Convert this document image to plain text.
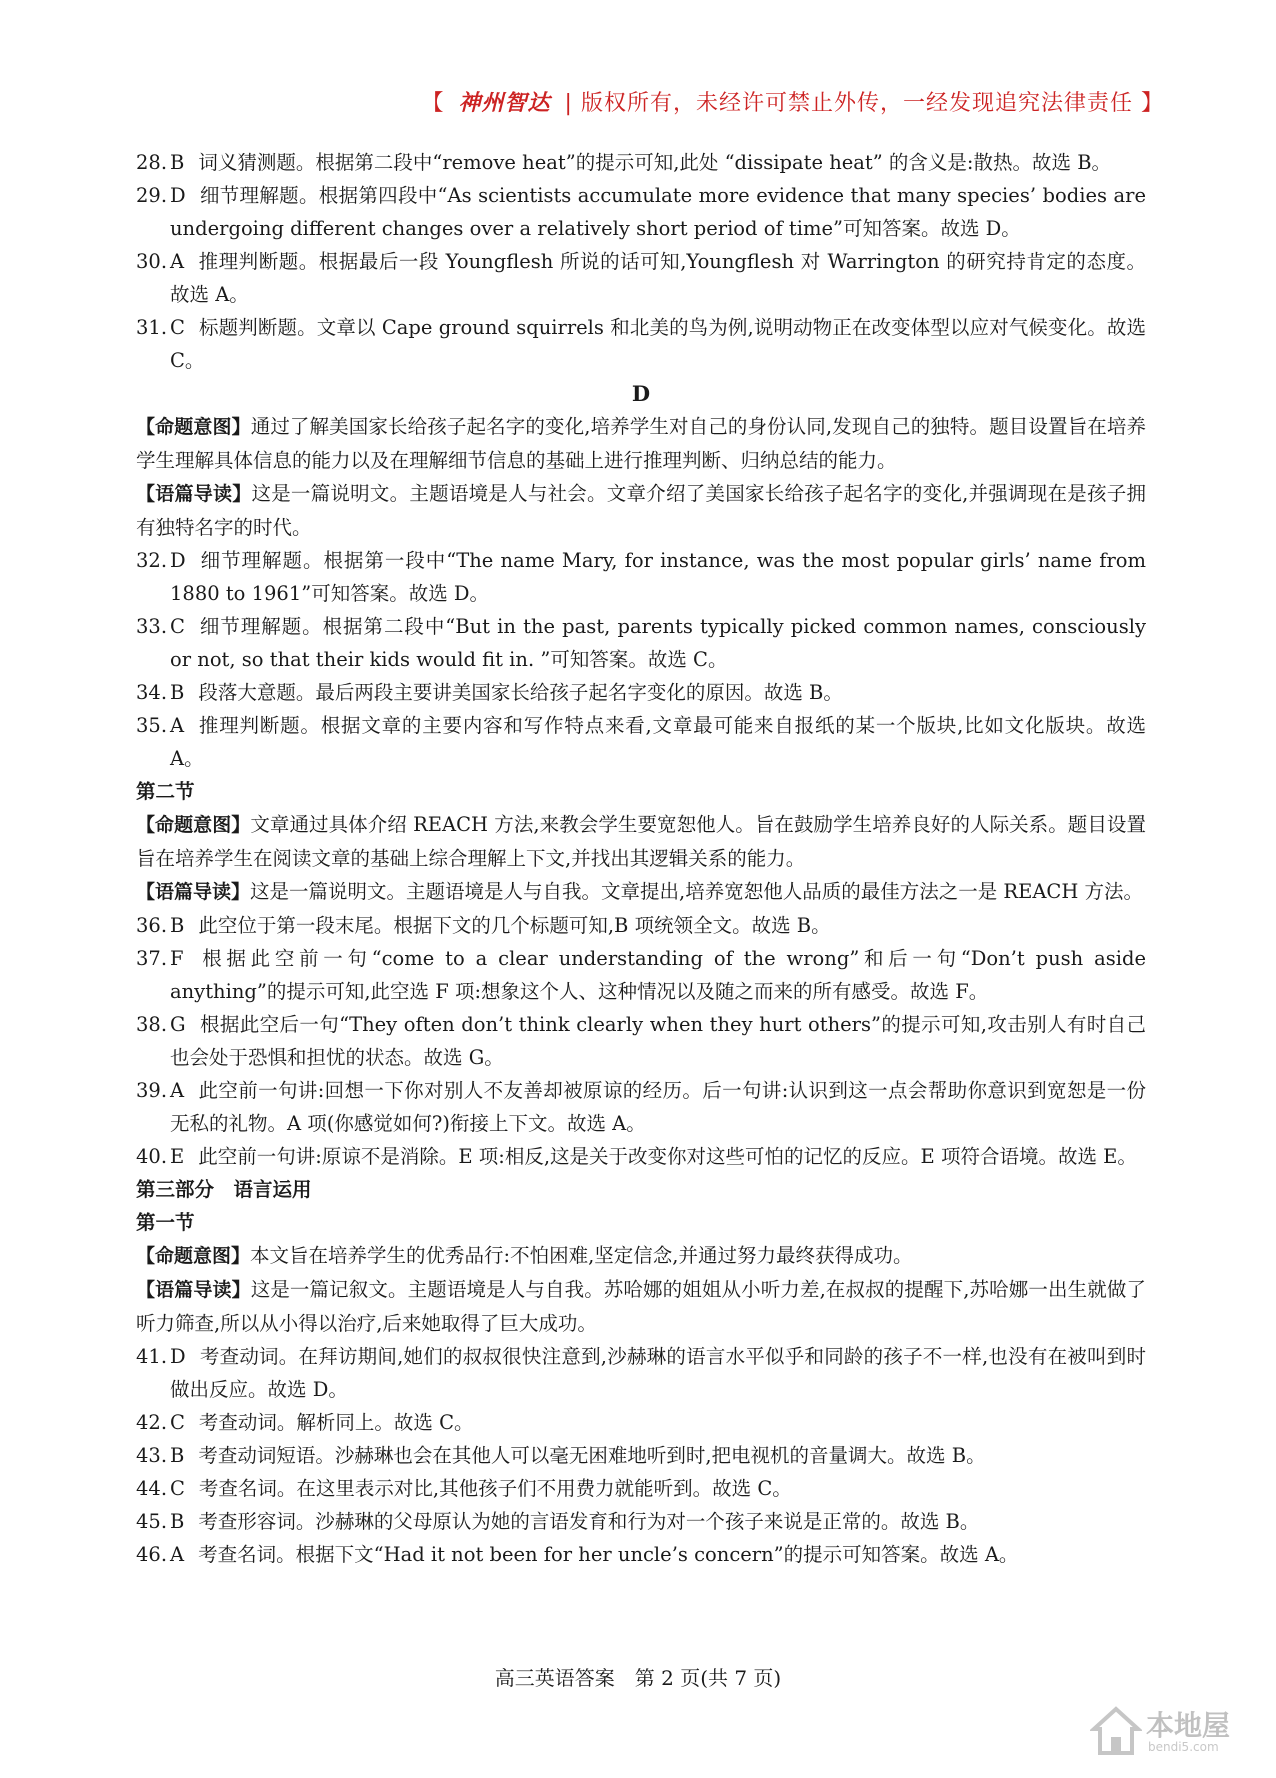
【 神州智达 | 版权所有，未经许可禁止外传，一经发现追究法律责任 】
28. B 词义猜测题。根据第二段中“remove heat”的提示可知,此处 “dissipate heat” 的含义是:散热。故选 B。
29. D 细节理解题。根据第四段中“As scientists accumulate more evidence that many species’ bodies are undergoing different changes over a relatively short period of time”可知答案。故选 D。
30. A 推理判断题。根据最后一段 Youngflesh 所说的话可知,Youngflesh 对 Warrington 的研究持肯定的态度。故选 A。
31. C 标题判断题。文章以 Cape ground squirrels 和北美的鸟为例,说明动物正在改变体型以应对气候变化。故选 C。
D
【命题意图】通过了解美国家长给孩子起名字的变化,培养学生对自己的身份认同,发现自己的独特。题目设置旨在培养学生理解具体信息的能力以及在理解细节信息的基础上进行推理判断、归纳总结的能力。
【语篇导读】这是一篇说明文。主题语境是人与社会。文章介绍了美国家长给孩子起名字的变化,并强调现在是孩子拥有独特名字的时代。
32. D 细节理解题。根据第一段中“The name Mary, for instance, was the most popular girls’ name from 1880 to 1961”可知答案。故选 D。
33. C 细节理解题。根据第二段中“But in the past, parents typically picked common names, consciously or not, so that their kids would fit in. ”可知答案。故选 C。
34. B 段落大意题。最后两段主要讲美国家长给孩子起名字变化的原因。故选 B。
35. A 推理判断题。根据文章的主要内容和写作特点来看,文章最可能来自报纸的某一个版块,比如文化版块。故选 A。
第二节
【命题意图】文章通过具体介绍 REACH 方法,来教会学生要宽恕他人。旨在鼓励学生培养良好的人际关系。题目设置旨在培养学生在阅读文章的基础上综合理解上下文,并找出其逻辑关系的能力。
【语篇导读】这是一篇说明文。主题语境是人与自我。文章提出,培养宽恕他人品质的最佳方法之一是 REACH 方法。
36. B 此空位于第一段末尾。根据下文的几个标题可知,B 项统领全文。故选 B。
37. F 根据此空前一句“come to a clear understanding of the wrong”和后一句“Don’t push aside anything”的提示可知,此空选 F 项:想象这个人、这种情况以及随之而来的所有感受。故选 F。
38. G 根据此空后一句“They often don’t think clearly when they hurt others”的提示可知,攻击别人有时自己也会处于恐惧和担忧的状态。故选 G。
39. A 此空前一句讲:回想一下你对别人不友善却被原谅的经历。后一句讲:认识到这一点会帮助你意识到宽恕是一份无私的礼物。A 项(你感觉如何?)衔接上下文。故选 A。
40. E 此空前一句讲:原谅不是消除。E 项:相反,这是关于改变你对这些可怕的记忆的反应。E 项符合语境。故选 E。
第三部分　语言运用
第一节
【命题意图】本文旨在培养学生的优秀品行:不怕困难,坚定信念,并通过努力最终获得成功。
【语篇导读】这是一篇记叙文。主题语境是人与自我。苏哈娜的姐姐从小听力差,在叔叔的提醒下,苏哈娜一出生就做了听力筛查,所以从小得以治疗,后来她取得了巨大成功。
41. D 考查动词。在拜访期间,她们的叔叔很快注意到,沙赫琳的语言水平似乎和同龄的孩子不一样,也没有在被叫到时做出反应。故选 D。
42. C 考查动词。解析同上。故选 C。
43. B 考查动词短语。沙赫琳也会在其他人可以毫无困难地听到时,把电视机的音量调大。故选 B。
44. C 考查名词。在这里表示对比,其他孩子们不用费力就能听到。故选 C。
45. B 考查形容词。沙赫琳的父母原认为她的言语发育和行为对一个孩子来说是正常的。故选 B。
46. A 考查名词。根据下文“Had it not been for her uncle’s concern”的提示可知答案。故选 A。
高三英语答案　第 2 页(共 7 页)
本地屋
bendi5.com
